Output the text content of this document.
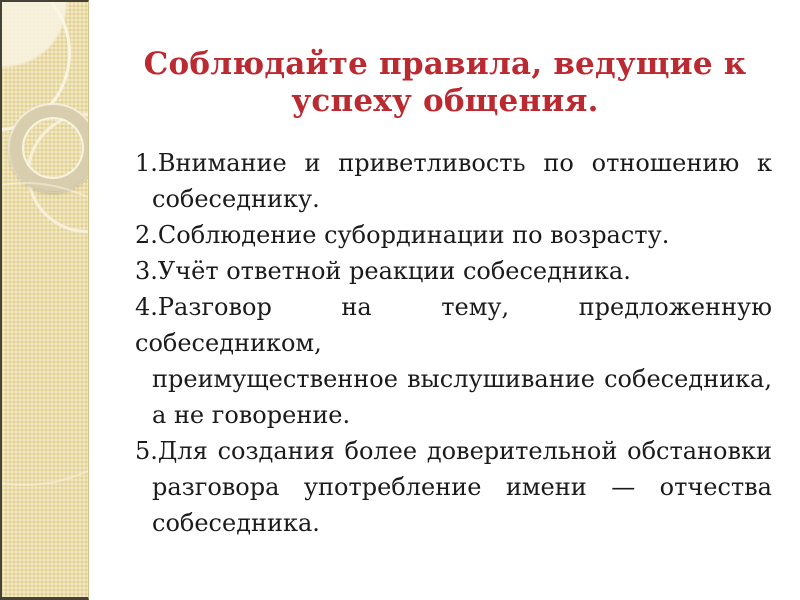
Соблюдайте правила, ведущие к
успеху общения.
1.Внимание и приветливость по отношению к
собеседнику.
2.Соблюдение субординации по возрасту.
3.Учёт ответной реакции собеседника.
4.Разговор на тему, предложенную собеседником,
преимущественное выслушивание собеседника,
а не говорение.
5.Для создания более доверительной обстановки
разговора употребление имени — отчества
собеседника.
